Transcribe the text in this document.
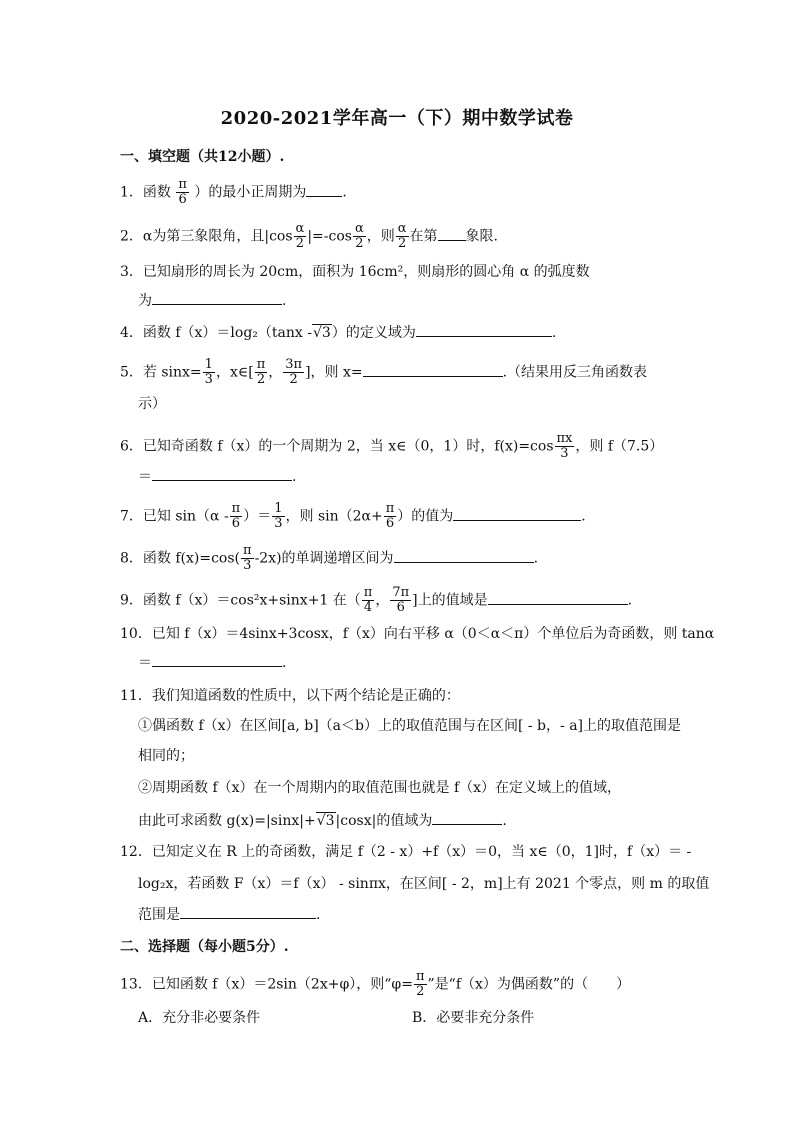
2020-2021学年高一（下）期中数学试卷
一、填空题（共12小题）.
1．函数 $\frac{\pi}{6}$ ）的最小正周期为	.
2．α为第三象限角，且$|\cos \frac{\alpha}{2} |=-\cos \frac{\alpha}{2}$ ，则 $\frac{\alpha}{2}$ 在第 象限.
3．已知扇形的周长为 20cm，面积为 16cm²，则扇形的圆心角 α 的弧度数
为	.
4．函数 f（x）＝log₂（tanx -√3）的定义域为	.
5．若 $\sin x= \frac{1}{3}$ ，x∈[ $\frac{\pi}{2}$ ， $\frac{3\pi}{2}$ ]，则 x=	.（结果用反三角函数表
示）
6．已知奇函数 f（x）的一个周期为 2，当 x∈（0，1）时，$f(x)=\cos \frac{\pi x}{3}$ ，则 f（7.5）
＝	.
7．已知 $\sin(\alpha - \frac{\pi}{6}$ ）＝ $\frac{1}{3}$ ，则 $\sin(2\alpha+ \frac{\pi}{6}$ ）的值为	.
8．函数 $f(x)=\cos( \frac{\pi}{3} -2x)$的单调递增区间为	.
9．函数 f（x）＝cos²x+sinx+1 在（ $\frac{\pi}{4}$ ， $\frac{7\pi}{6}$ ]上的值域是	.
10．已知 f（x）＝4sinx+3cosx，f（x）向右平移 α（0＜α＜π）个单位后为奇函数，则 tanα
＝	.
11．我们知道函数的性质中，以下两个结论是正确的：
①偶函数 f（x）在区间[a, b]（a＜b）上的取值范围与在区间[ - b，- a]上的取值范围是
相同的；
②周期函数 f（x）在一个周期内的取值范围也就是 f（x）在定义域上的值域，
由此可求函数 g(x)=|sinx|+√3|cosx|的值域为	.
12．已知定义在 R 上的奇函数，满足 f（2 - x）+f（x）＝0，当 x∈（0，1]时，f（x）＝ -
log₂x，若函数 F（x）＝f（x） - sinπx，在区间[ - 2，m]上有 2021 个零点，则 m 的取值
范围是	.
二、选择题（每小题5分）.
13．已知函数 f（x）＝2sin（2x+φ），则“$\varphi= \frac{\pi}{2}$ ”是“f（x）为偶函数”的（　　）
A．充分非必要条件	B．必要非充分条件
